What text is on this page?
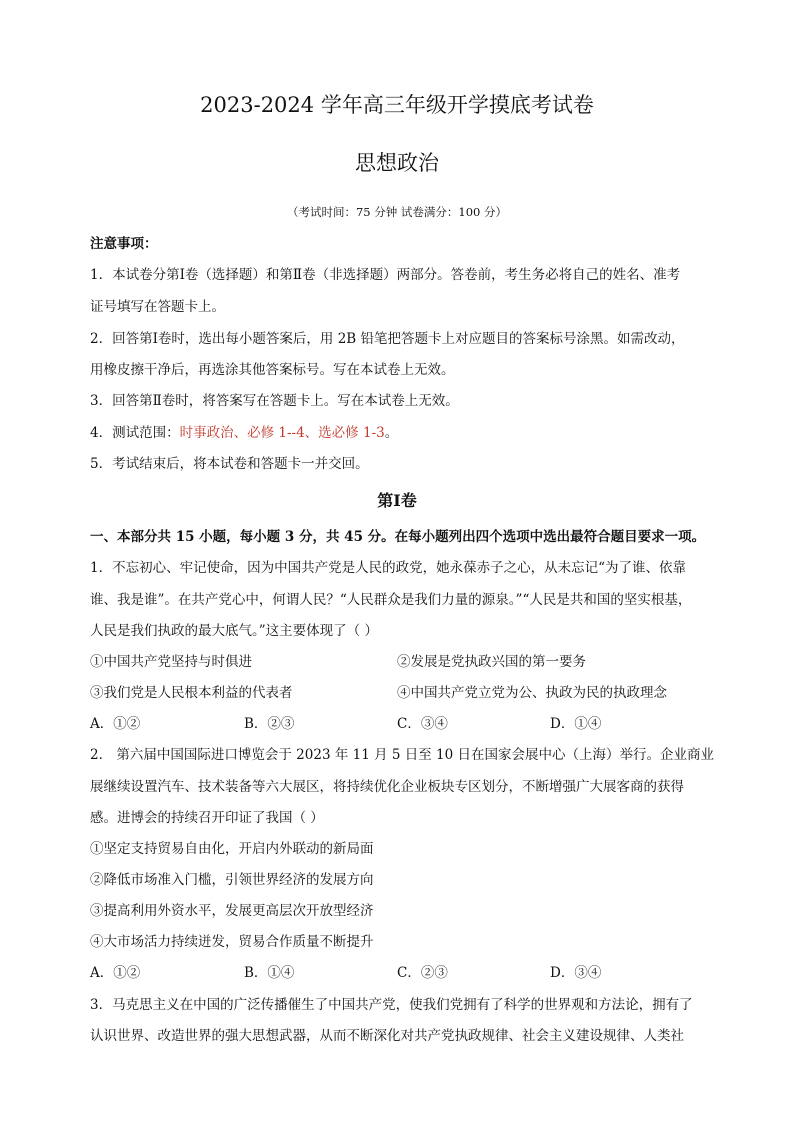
2023-2024 学年高三年级开学摸底考试卷
思想政治
（考试时间：75 分钟 试卷满分：100 分）
注意事项：
1．本试卷分第Ⅰ卷（选择题）和第Ⅱ卷（非选择题）两部分。答卷前，考生务必将自己的姓名、准考
证号填写在答题卡上。
2．回答第Ⅰ卷时，选出每小题答案后，用 2B 铅笔把答题卡上对应题目的答案标号涂黑。如需改动，
用橡皮擦干净后，再选涂其他答案标号。写在本试卷上无效。
3．回答第Ⅱ卷时，将答案写在答题卡上。写在本试卷上无效。
4．测试范围：时事政治、必修 1--4、选必修 1-3。
5．考试结束后，将本试卷和答题卡一并交回。
第Ⅰ卷
一、本部分共 15 小题，每小题 3 分，共 45 分。在每小题列出四个选项中选出最符合题目要求一项。
1．不忘初心、牢记使命，因为中国共产党是人民的政党，她永葆赤子之心，从未忘记“为了谁、依靠
谁、我是谁”。在共产党心中，何谓人民？“人民群众是我们力量的源泉。”“人民是共和国的坚实根基，
人民是我们执政的最大底气。”这主要体现了（ ）
①中国共产党坚持与时俱进	②发展是党执政兴国的第一要务
③我们党是人民根本利益的代表者	④中国共产党立党为公、执政为民的执政理念
A．①②	B．②③	C．③④	D．①④
2． 第六届中国国际进口博览会于 2023 年 11 月 5 日至 10 日在国家会展中心（上海）举行。企业商业
展继续设置汽车、技术装备等六大展区，将持续优化企业板块专区划分，不断增强广大展客商的获得
感。进博会的持续召开印证了我国（ ）
①坚定支持贸易自由化，开启内外联动的新局面
②降低市场准入门槛，引领世界经济的发展方向
③提高利用外资水平，发展更高层次开放型经济
④大市场活力持续迸发，贸易合作质量不断提升
A．①②	B．①④	C．②③	D．③④
3．马克思主义在中国的广泛传播催生了中国共产党，使我们党拥有了科学的世界观和方法论，拥有了
认识世界、改造世界的强大思想武器，从而不断深化对共产党执政规律、社会主义建设规律、人类社
